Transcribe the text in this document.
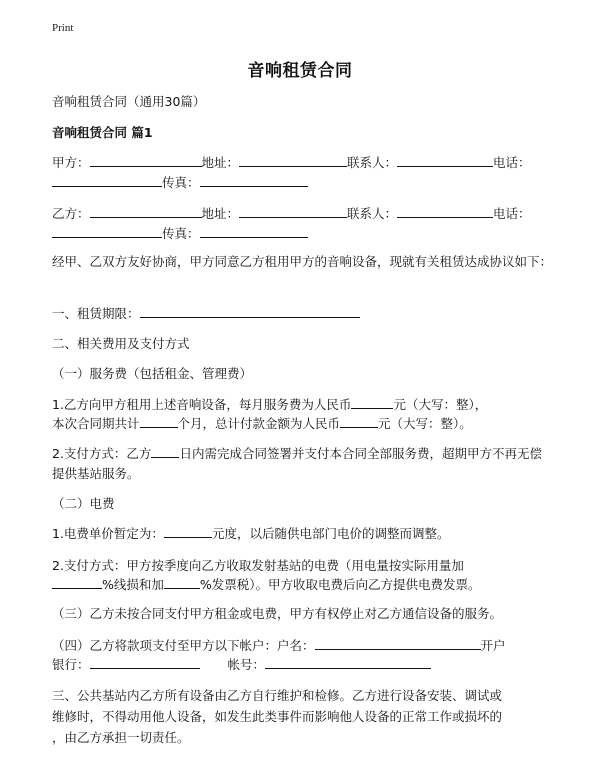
Print
音响租赁合同
音响租赁合同（通用30篇）
音响租赁合同 篇1
甲方：	地址：	联系人：	电话：
传真：
乙方：	地址：	联系人：	电话：
传真：
经甲、乙双方友好协商，甲方同意乙方租用甲方的音响设备，现就有关租赁达成协议如下：
一、租赁期限：
二、相关费用及支付方式
（一）服务费（包括租金、管理费）
1.乙方向甲方租用上述音响设备，每月服务费为人民币	元（大写：整），
本次合同期共计	个月，总计付款金额为人民币	元（大写：整）。
2.支付方式：乙方 日内需完成合同签署并支付本合同全部服务费，超期甲方不再无偿提供基站服务。
（二）电费
1.电费单价暂定为：	元度，以后随供电部门电价的调整而调整。
2.支付方式：甲方按季度向乙方收取发射基站的电费（用电量按实际用量加
%线损和加	%发票税）。甲方收取电费后向乙方提供电费发票。
（三）乙方未按合同支付甲方租金或电费，甲方有权停止对乙方通信设备的服务。
（四）乙方将款项支付至甲方以下帐户：户名：	开户
银行：	帐号：
三、公共基站内乙方所有设备由乙方自行维护和检修。乙方进行设备安装、调试或
维修时，不得动用他人设备，如发生此类事件而影响他人设备的正常工作或损坏的
，由乙方承担一切责任。
